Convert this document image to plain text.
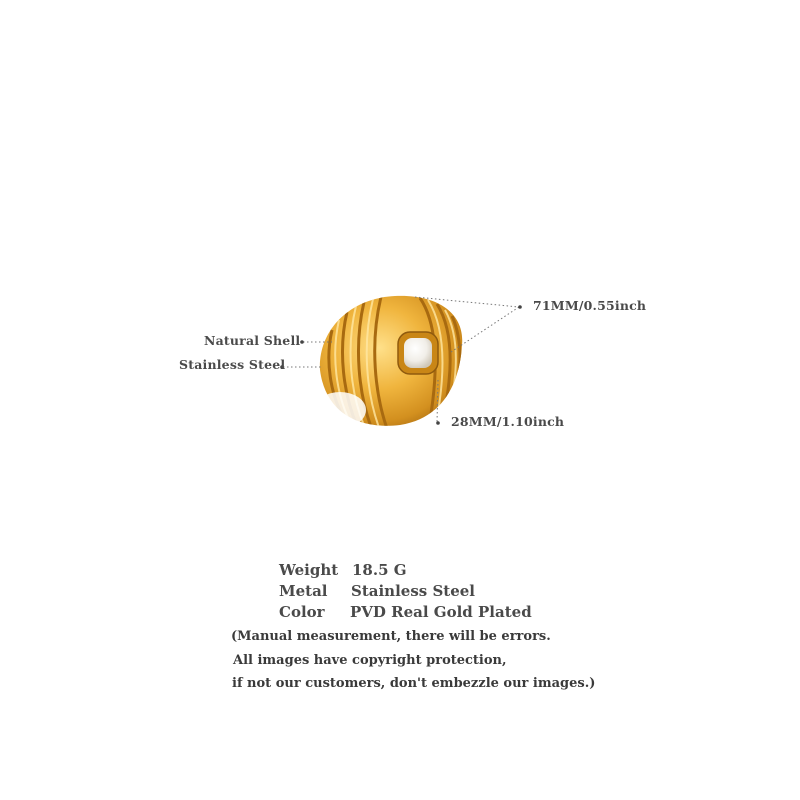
Natural Shell
Stainless Steel
71MM/0.55inch
28MM/1.10inch
Weight 18.5 G
Metal Stainless Steel
Color PVD Real Gold Plated
(Manual measurement, there will be errors.
All images have copyright protection,
if not our customers, don't embezzle our images.)
